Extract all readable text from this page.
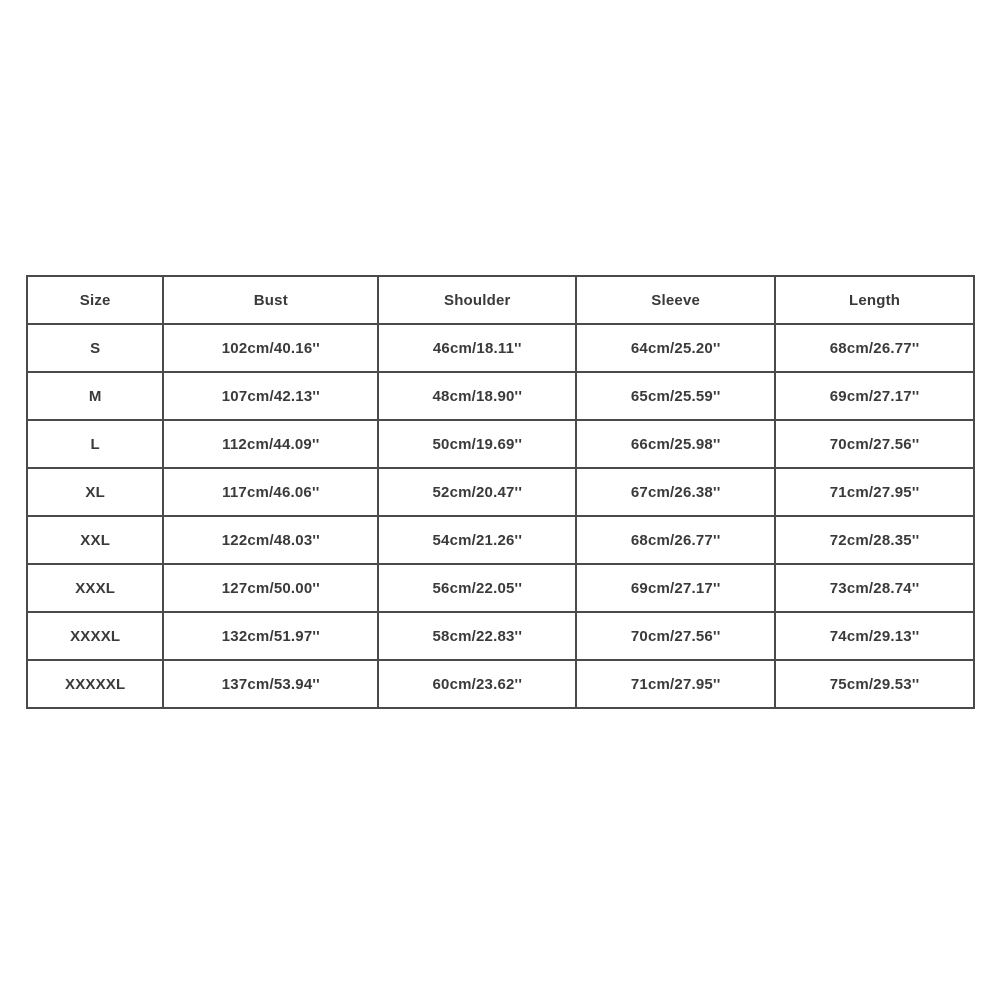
Size	Bust	Shoulder	Sleeve	Length
S	102cm/40.16''	46cm/18.11''	64cm/25.20''	68cm/26.77''
M	107cm/42.13''	48cm/18.90''	65cm/25.59''	69cm/27.17''
L	112cm/44.09''	50cm/19.69''	66cm/25.98''	70cm/27.56''
XL	117cm/46.06''	52cm/20.47''	67cm/26.38''	71cm/27.95''
XXL	122cm/48.03''	54cm/21.26''	68cm/26.77''	72cm/28.35''
XXXL	127cm/50.00''	56cm/22.05''	69cm/27.17''	73cm/28.74''
XXXXL	132cm/51.97''	58cm/22.83''	70cm/27.56''	74cm/29.13''
XXXXXL	137cm/53.94''	60cm/23.62''	71cm/27.95''	75cm/29.53''
